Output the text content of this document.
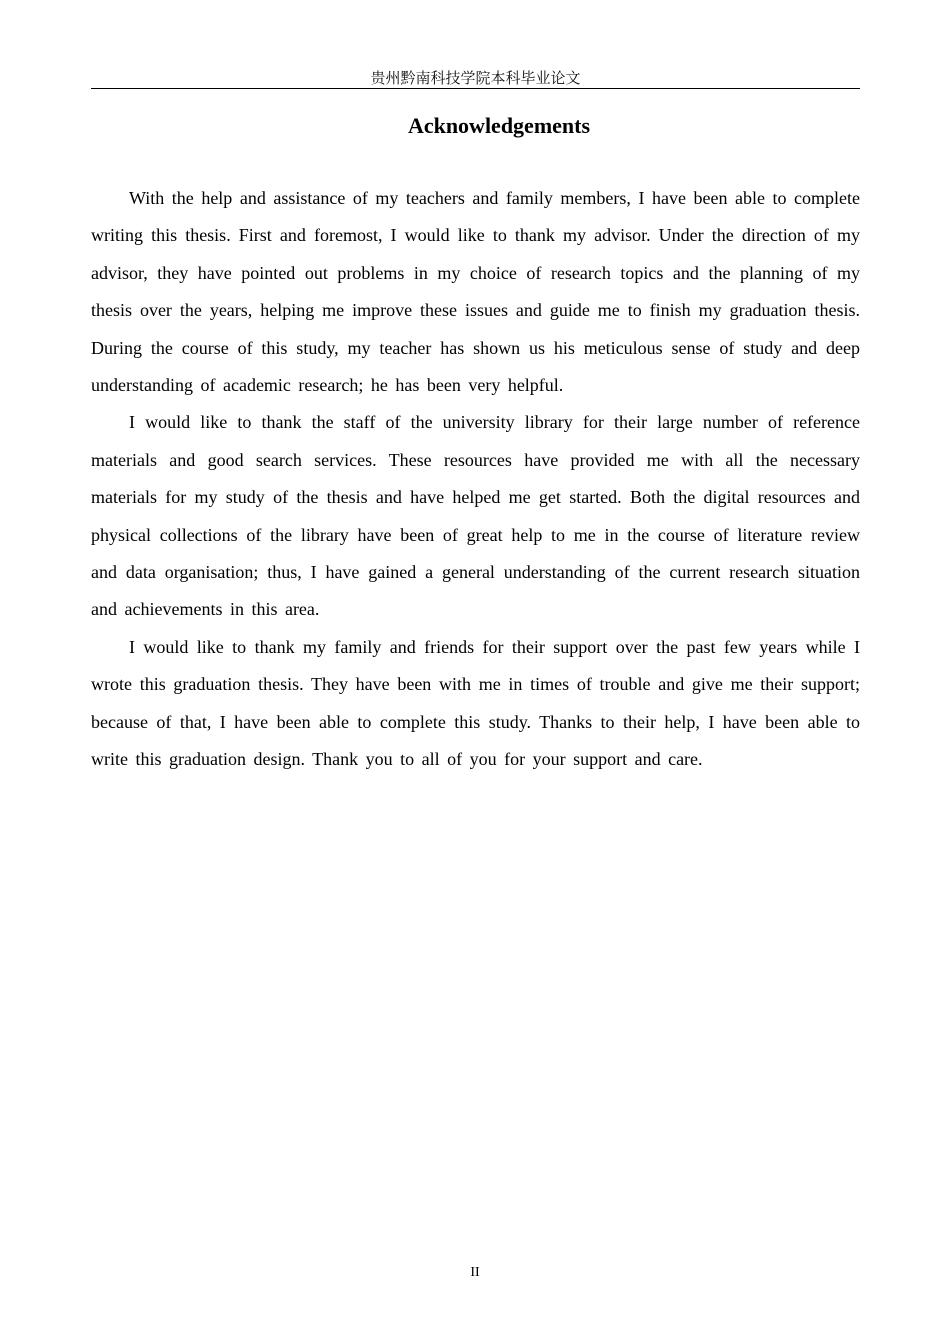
贵州黔南科技学院本科毕业论文
Acknowledgements

With the help and assistance of my teachers and family members, I have been able to complete writing this thesis. First and foremost, I would like to thank my advisor. Under the direction of my advisor, they have pointed out problems in my choice of research topics and the planning of my thesis over the years, helping me improve these issues and guide me to finish my graduation thesis. During the course of this study, my teacher has shown us his meticulous sense of study and deep understanding of academic research; he has been very helpful.

I would like to thank the staff of the university library for their large number of reference materials and good search services. These resources have provided me with all the necessary materials for my study of the thesis and have helped me get started. Both the digital resources and physical collections of the library have been of great help to me in the course of literature review and data organisation; thus, I have gained a general understanding of the current research situation and achievements in this area.

I would like to thank my family and friends for their support over the past few years while I wrote this graduation thesis. They have been with me in times of trouble and give me their support; because of that, I have been able to complete this study. Thanks to their help, I have been able to write this graduation design. Thank you to all of you for your support and care.

II
